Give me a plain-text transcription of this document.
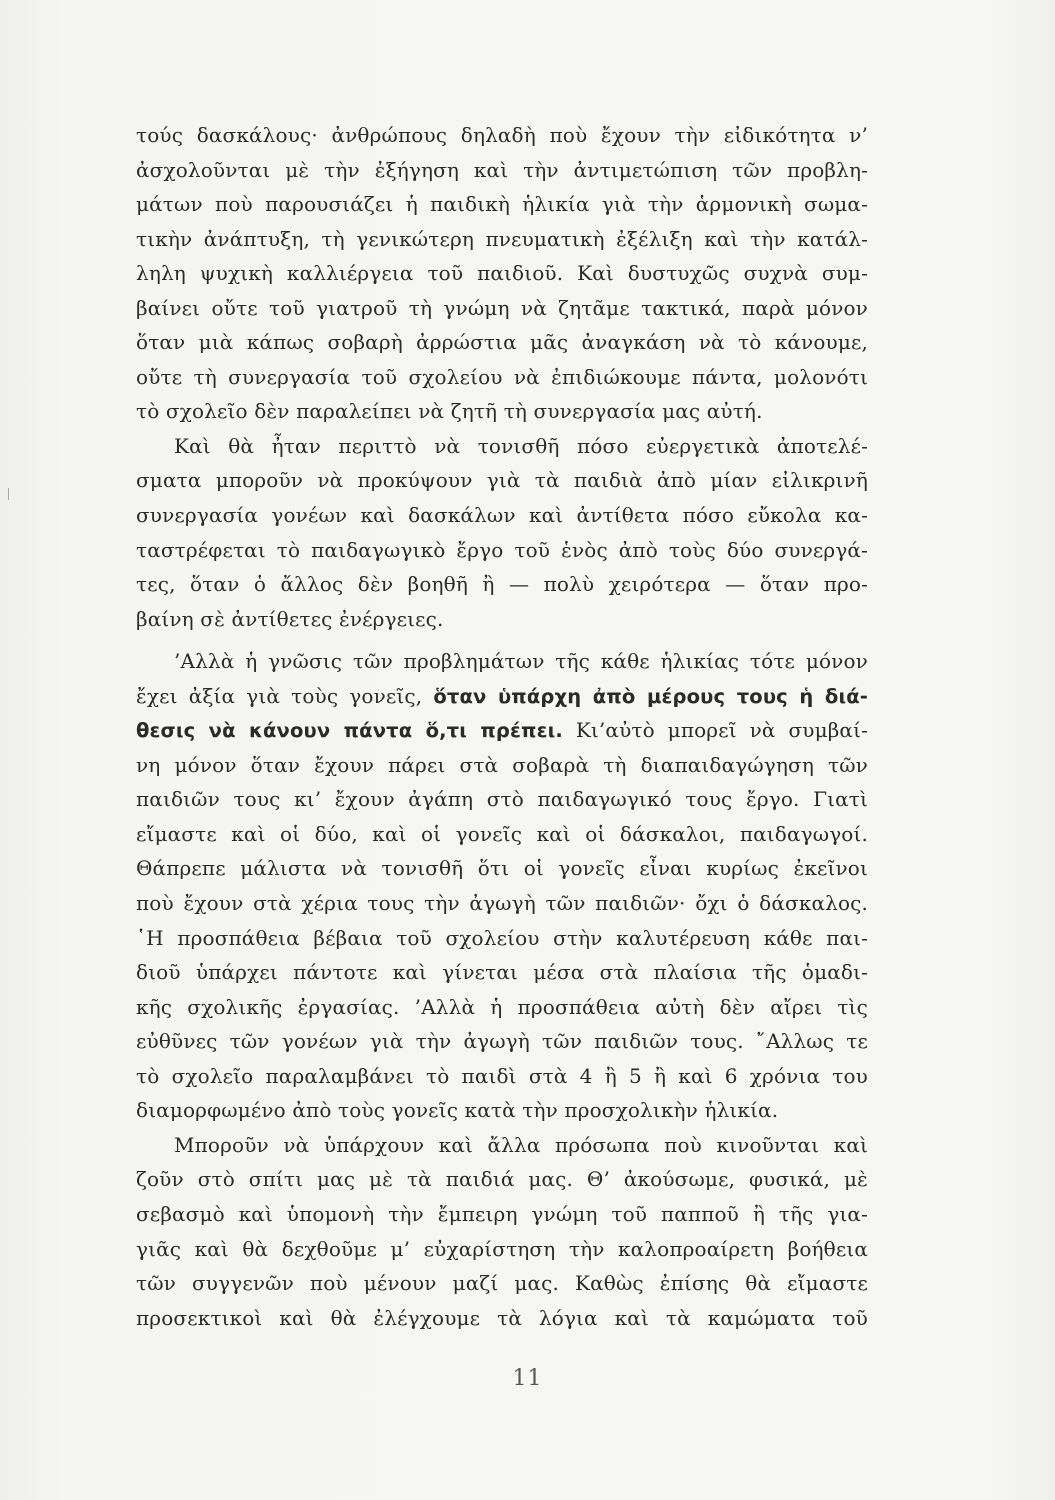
τούς δασκάλους· ἀνθρώπους δηλαδὴ ποὺ ἔχουν τὴν εἰδικότητα ν’
ἀσχολοῦνται μὲ τὴν ἐξήγηση καὶ τὴν ἀντιμετώπιση τῶν προβλη-
μάτων ποὺ παρουσιάζει ἡ παιδικὴ ἡλικία γιὰ τὴν ἁρμονικὴ σωμα-
τικὴν ἀνάπτυξη, τὴ γενικώτερη πνευματικὴ ἐξέλιξη καὶ τὴν κατάλ-
ληλη ψυχικὴ καλλιέργεια τοῦ παιδιοῦ. Καὶ δυστυχῶς συχνὰ συμ-
βαίνει οὔτε τοῦ γιατροῦ τὴ γνώμη νὰ ζητᾶμε τακτικά, παρὰ μόνον
ὅταν μιὰ κάπως σοβαρὴ ἀρρώστια μᾶς ἀναγκάση νὰ τὸ κάνουμε,
οὔτε τὴ συνεργασία τοῦ σχολείου νὰ ἐπιδιώκουμε πάντα, μολονότι
τὸ σχολεῖο δὲν παραλείπει νὰ ζητῆ τὴ συνεργασία μας αὐτή.
Καὶ θὰ ἦταν περιττὸ νὰ τονισθῆ πόσο εὐεργετικὰ ἀποτελέ-
σματα μποροῦν νὰ προκύψουν γιὰ τὰ παιδιὰ ἀπὸ μίαν εἰλικρινῆ
συνεργασία γονέων καὶ δασκάλων καὶ ἀντίθετα πόσο εὔκολα κα-
ταστρέφεται τὸ παιδαγωγικὸ ἔργο τοῦ ἑνὸς ἀπὸ τοὺς δύο συνεργά-
τες, ὅταν ὁ ἄλλος δὲν βοηθῆ ἢ — πολὺ χειρότερα — ὅταν προ-
βαίνη σὲ ἀντίθετες ἐνέργειες.
’Αλλὰ ἡ γνῶσις τῶν προβλημάτων τῆς κάθε ἡλικίας τότε μόνον
ἔχει ἀξία γιὰ τοὺς γονεῖς, ὅταν ὑπάρχη ἀπὸ μέρους τους ἡ διά-
θεσις νὰ κάνουν πάντα ὅ,τι πρέπει. Κι’αὐτὸ μπορεῖ νὰ συμβαί-
νη μόνον ὅταν ἔχουν πάρει στὰ σοβαρὰ τὴ διαπαιδαγώγηση τῶν
παιδιῶν τους κι’ ἔχουν ἀγάπη στὸ παιδαγωγικό τους ἔργο. Γιατὶ
εἴμαστε καὶ οἱ δύο, καὶ οἱ γονεῖς καὶ οἱ δάσκαλοι, παιδαγωγοί.
Θάπρεπε μάλιστα νὰ τονισθῆ ὅτι οἱ γονεῖς εἶναι κυρίως ἐκεῖνοι
ποὺ ἔχουν στὰ χέρια τους τὴν ἀγωγὴ τῶν παιδιῶν· ὄχι ὁ δάσκαλος.
῾Η προσπάθεια βέβαια τοῦ σχολείου στὴν καλυτέρευση κάθε παι-
διοῦ ὑπάρχει πάντοτε καὶ γίνεται μέσα στὰ πλαίσια τῆς ὁμαδι-
κῆς σχολικῆς ἐργασίας. ’Αλλὰ ἡ προσπάθεια αὐτὴ δὲν αἴρει τὶς
εὐθῦνες τῶν γονέων γιὰ τὴν ἀγωγὴ τῶν παιδιῶν τους. ῎Αλλως τε
τὸ σχολεῖο παραλαμβάνει τὸ παιδὶ στὰ 4 ἢ 5 ἢ καὶ 6 χρόνια του
διαμορφωμένο ἀπὸ τοὺς γονεῖς κατὰ τὴν προσχολικὴν ἡλικία.
Μποροῦν νὰ ὑπάρχουν καὶ ἄλλα πρόσωπα ποὺ κινοῦνται καὶ
ζοῦν στὸ σπίτι μας μὲ τὰ παιδιά μας. Θ’ ἀκούσωμε, φυσικά, μὲ
σεβασμὸ καὶ ὑπομονὴ τὴν ἔμπειρη γνώμη τοῦ παπποῦ ἢ τῆς για-
γιᾶς καὶ θὰ δεχθοῦμε μ’ εὐχαρίστηση τὴν καλοπροαίρετη βοήθεια
τῶν συγγενῶν ποὺ μένουν μαζί μας. Καθὼς ἐπίσης θὰ εἴμαστε
προσεκτικοὶ καὶ θὰ ἐλέγχουμε τὰ λόγια καὶ τὰ καμώματα τοῦ
11
